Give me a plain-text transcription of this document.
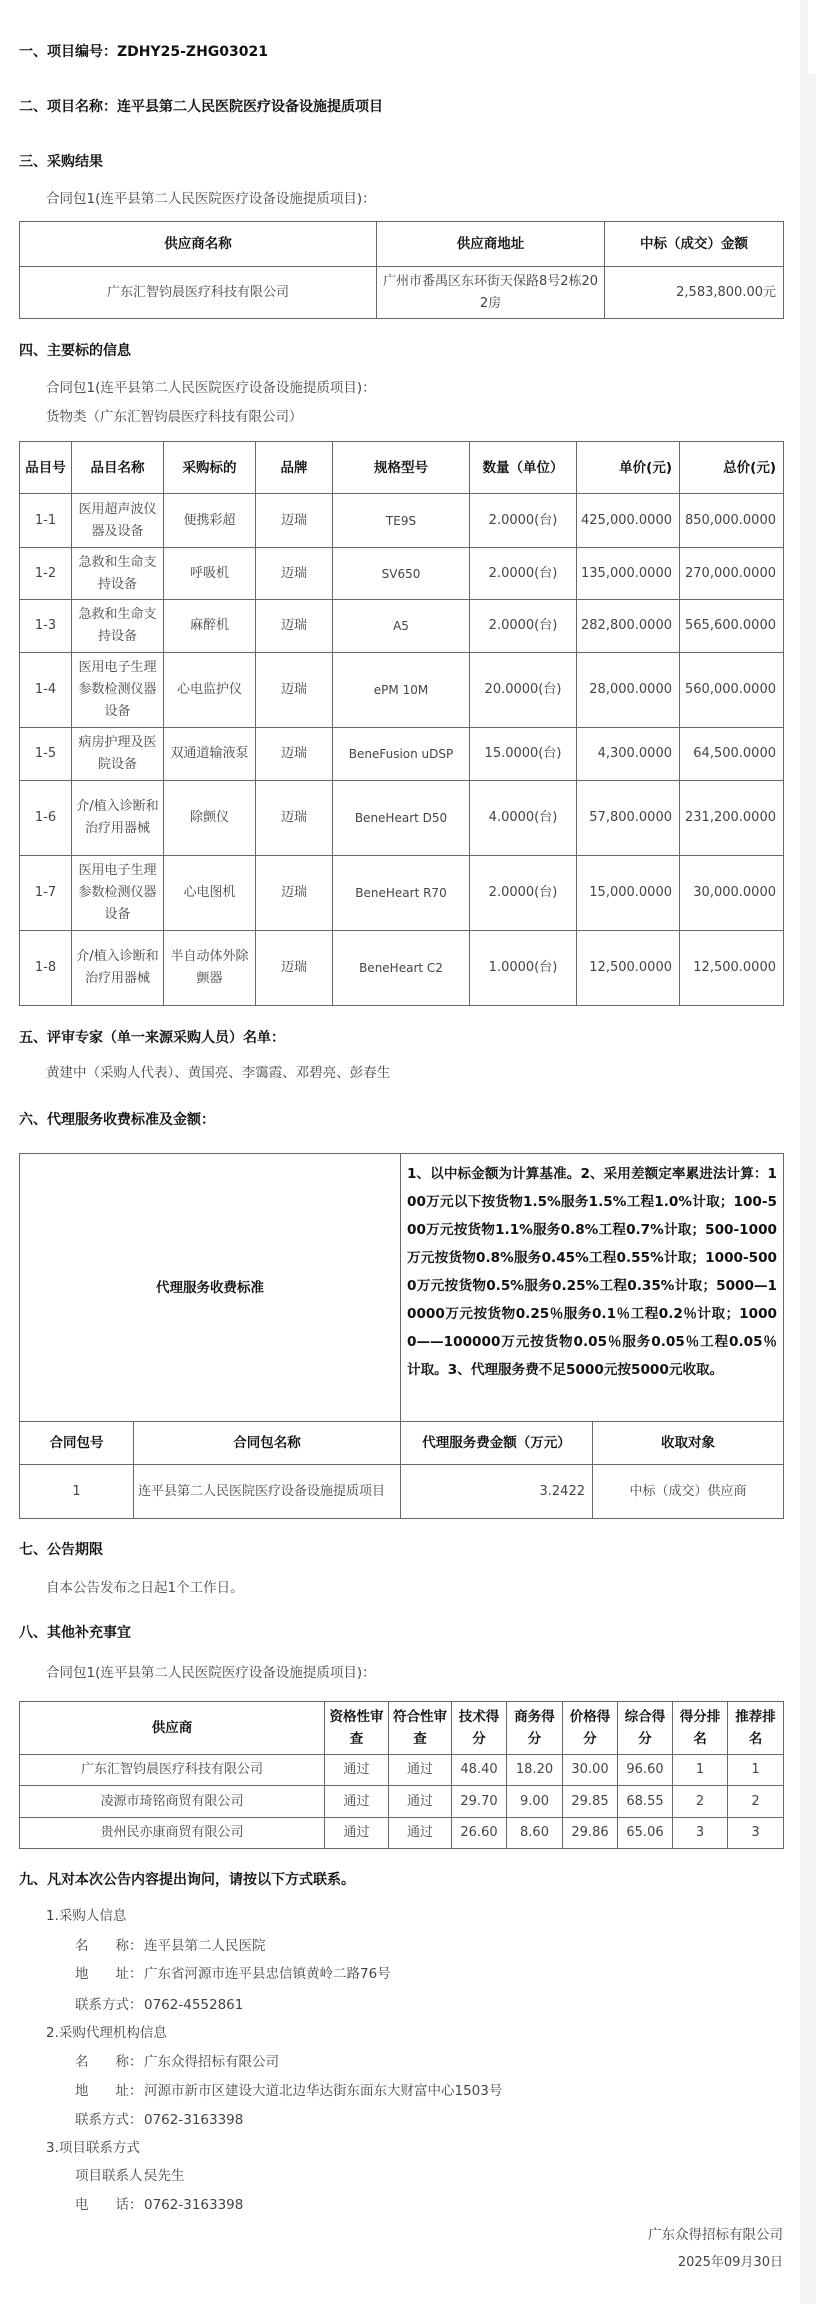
一、项目编号：ZDHY25-ZHG03021
二、项目名称：连平县第二人民医院医疗设备设施提质项目
三、采购结果
合同包1(连平县第二人民医院医疗设备设施提质项目)：
供应商名称	供应商地址	中标（成交）金额
广东汇智钧晨医疗科技有限公司	广州市番禺区东环街天保路8号2栋202房	2,583,800.00元
四、主要标的信息
合同包1(连平县第二人民医院医疗设备设施提质项目)：
货物类（广东汇智钧晨医疗科技有限公司）
品目号	品目名称	采购标的	品牌	规格型号	数量（单位）	单价(元)	总价(元)
1-1	医用超声波仪器及设备	便携彩超	迈瑞	TE9S	2.0000(台)	425,000.0000	850,000.0000
1-2	急救和生命支持设备	呼吸机	迈瑞	SV650	2.0000(台)	135,000.0000	270,000.0000
1-3	急救和生命支持设备	麻醉机	迈瑞	A5	2.0000(台)	282,800.0000	565,600.0000
1-4	医用电子生理参数检测仪器设备	心电监护仪	迈瑞	ePM 10M	20.0000(台)	28,000.0000	560,000.0000
1-5	病房护理及医院设备	双通道输液泵	迈瑞	BeneFusion uDSP	15.0000(台)	4,300.0000	64,500.0000
1-6	介/植入诊断和治疗用器械	除颤仪	迈瑞	BeneHeart D50	4.0000(台)	57,800.0000	231,200.0000
1-7	医用电子生理参数检测仪器设备	心电图机	迈瑞	BeneHeart R70	2.0000(台)	15,000.0000	30,000.0000
1-8	介/植入诊断和治疗用器械	半自动体外除颤器	迈瑞	BeneHeart C2	1.0000(台)	12,500.0000	12,500.0000
五、评审专家（单一来源采购人员）名单：
黄建中（采购人代表）、黄国亮、李霭霞、邓碧亮、彭春生
六、代理服务收费标准及金额：
代理服务收费标准		1、以中标金额为计算基准。2、采用差额定率累进法计算：100万元以下按货物1.5%服务1.5%工程1.0%计取；100-500万元按货物1.1%服务0.8%工程0.7%计取；500-1000万元按货物0.8%服务0.45%工程0.55%计取；1000-5000万元按货物0.5%服务0.25%工程0.35%计取；5000—10000万元按货物0.25％服务0.1％工程0.2％计取；10000——100000万元按货物0.05％服务0.05％工程0.05％计取。3、代理服务费不足5000元按5000元收取。	
合同包号	合同包名称	代理服务费金额（万元）	收取对象
1	连平县第二人民医院医疗设备设施提质项目	3.2422	中标（成交）供应商
七、公告期限
自本公告发布之日起1个工作日。
八、其他补充事宜
合同包1(连平县第二人民医院医疗设备设施提质项目)：
供应商	资格性审查	符合性审查	技术得分	商务得分	价格得分	综合得分	得分排名	推荐排名
广东汇智钧晨医疗科技有限公司	通过	通过	48.40	18.20	30.00	96.60	1	1
凌源市琦铭商贸有限公司	通过	通过	29.70	9.00	29.85	68.55	2	2
贵州民亦康商贸有限公司	通过	通过	26.60	8.60	29.86	65.06	3	3
九、凡对本次公告内容提出询问，请按以下方式联系。
1.采购人信息
名　　称： 连平县第二人民医院
地　　址： 广东省河源市连平县忠信镇黄岭二路76号
联系方式： 0762-4552861
2.采购代理机构信息
名　　称： 广东众得招标有限公司
地　　址： 河源市新市区建设大道北边华达街东面东大财富中心1503号
联系方式： 0762-3163398
3.项目联系方式
项目联系人：吴先生
电　　话： 0762-3163398
广东众得招标有限公司
2025年09月30日
